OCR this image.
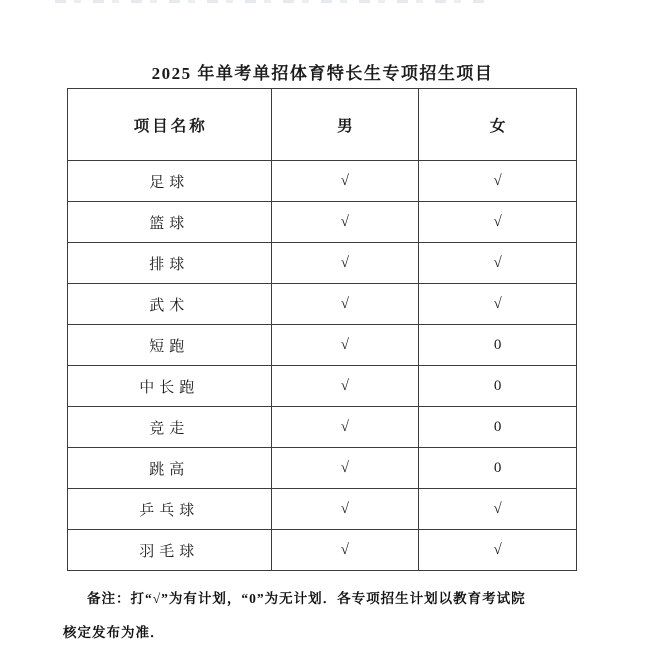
2025 年单考单招体育特长生专项招生项目
项目名称	男	女
足球	√	√
篮球	√	√
排球	√	√
武术	√	√
短跑	√	0
中长跑	√	0
竞走	√	0
跳高	√	0
乒乓球	√	√
羽毛球	√	√
备注：打“√”为有计划，“0”为无计划．各专项招生计划以教育考试院
核定发布为准．
